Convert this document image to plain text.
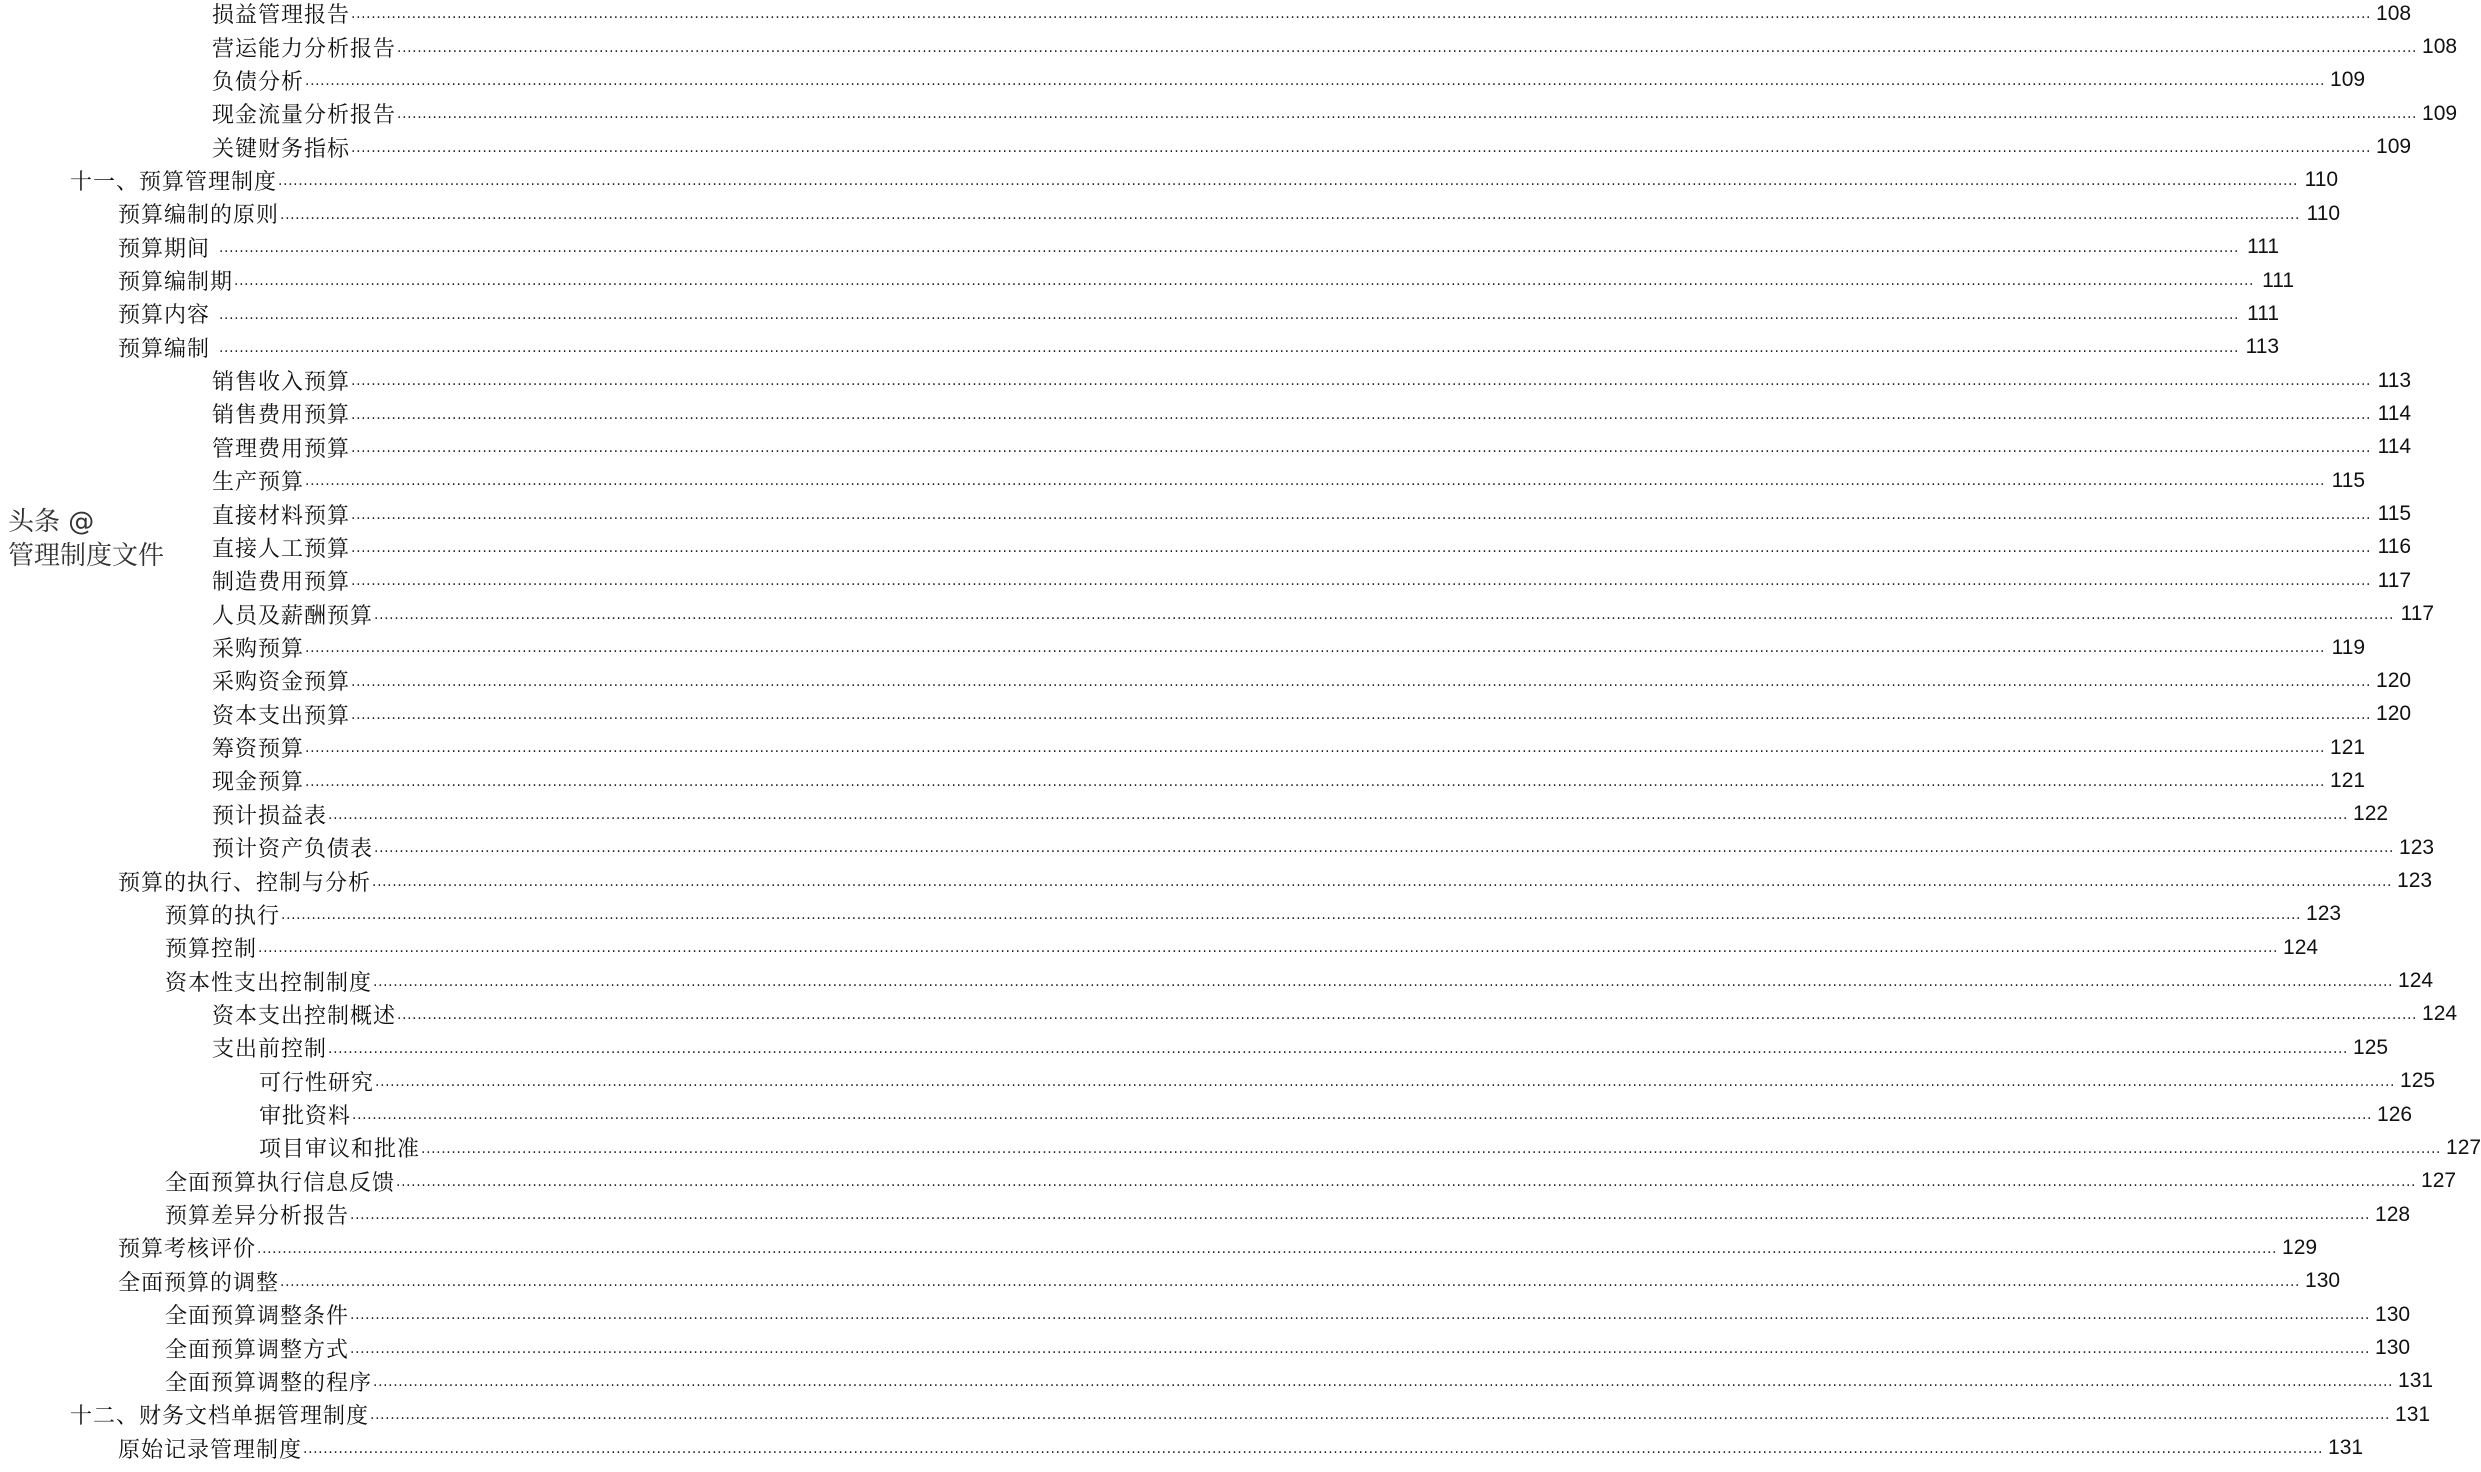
损益管理报告 ................................................................................................................................................................................................................................................................................................................................................................................................................ 108
营运能力分析报告 ................................................................................................................................................................................................................................................................................................................................................................................................................ 108
负债分析 ................................................................................................................................................................................................................................................................................................................................................................................................................ 109
现金流量分析报告 ................................................................................................................................................................................................................................................................................................................................................................................................................ 109
关键财务指标 ................................................................................................................................................................................................................................................................................................................................................................................................................ 109
十一、预算管理制度 ................................................................................................................................................................................................................................................................................................................................................................................................................ 110
预算编制的原则 ................................................................................................................................................................................................................................................................................................................................................................................................................ 110
预算期间 ................................................................................................................................................................................................................................................................................................................................................................................................................ 111
预算编制期 ................................................................................................................................................................................................................................................................................................................................................................................................................ 111
预算内容 ................................................................................................................................................................................................................................................................................................................................................................................................................ 111
预算编制 ................................................................................................................................................................................................................................................................................................................................................................................................................ 113
销售收入预算 ................................................................................................................................................................................................................................................................................................................................................................................................................ 113
销售费用预算 ................................................................................................................................................................................................................................................................................................................................................................................................................ 114
管理费用预算 ................................................................................................................................................................................................................................................................................................................................................................................................................ 114
生产预算 ................................................................................................................................................................................................................................................................................................................................................................................................................ 115
直接材料预算 ................................................................................................................................................................................................................................................................................................................................................................................................................ 115
直接人工预算 ................................................................................................................................................................................................................................................................................................................................................................................................................ 116
制造费用预算 ................................................................................................................................................................................................................................................................................................................................................................................................................ 117
人员及薪酬预算 ................................................................................................................................................................................................................................................................................................................................................................................................................ 117
采购预算 ................................................................................................................................................................................................................................................................................................................................................................................................................ 119
采购资金预算 ................................................................................................................................................................................................................................................................................................................................................................................................................ 120
资本支出预算 ................................................................................................................................................................................................................................................................................................................................................................................................................ 120
筹资预算 ................................................................................................................................................................................................................................................................................................................................................................................................................ 121
现金预算 ................................................................................................................................................................................................................................................................................................................................................................................................................ 121
预计损益表 ................................................................................................................................................................................................................................................................................................................................................................................................................ 122
预计资产负债表 ................................................................................................................................................................................................................................................................................................................................................................................................................ 123
预算的执行、控制与分析 ................................................................................................................................................................................................................................................................................................................................................................................................................ 123
预算的执行 ................................................................................................................................................................................................................................................................................................................................................................................................................ 123
预算控制 ................................................................................................................................................................................................................................................................................................................................................................................................................ 124
资本性支出控制制度 ................................................................................................................................................................................................................................................................................................................................................................................................................ 124
资本支出控制概述 ................................................................................................................................................................................................................................................................................................................................................................................................................ 124
支出前控制 ................................................................................................................................................................................................................................................................................................................................................................................................................ 125
可行性研究 ................................................................................................................................................................................................................................................................................................................................................................................................................ 125
审批资料 ................................................................................................................................................................................................................................................................................................................................................................................................................ 126
项目审议和批准 ................................................................................................................................................................................................................................................................................................................................................................................................................ 127
全面预算执行信息反馈 ................................................................................................................................................................................................................................................................................................................................................................................................................ 127
预算差异分析报告 ................................................................................................................................................................................................................................................................................................................................................................................................................ 128
预算考核评价 ................................................................................................................................................................................................................................................................................................................................................................................................................ 129
全面预算的调整 ................................................................................................................................................................................................................................................................................................................................................................................................................ 130
全面预算调整条件 ................................................................................................................................................................................................................................................................................................................................................................................................................ 130
全面预算调整方式 ................................................................................................................................................................................................................................................................................................................................................................................................................ 130
全面预算调整的程序 ................................................................................................................................................................................................................................................................................................................................................................................................................ 131
十二、财务文档单据管理制度 ................................................................................................................................................................................................................................................................................................................................................................................................................ 131
原始记录管理制度 ................................................................................................................................................................................................................................................................................................................................................................................................................ 131
头条 @管理制度文件
